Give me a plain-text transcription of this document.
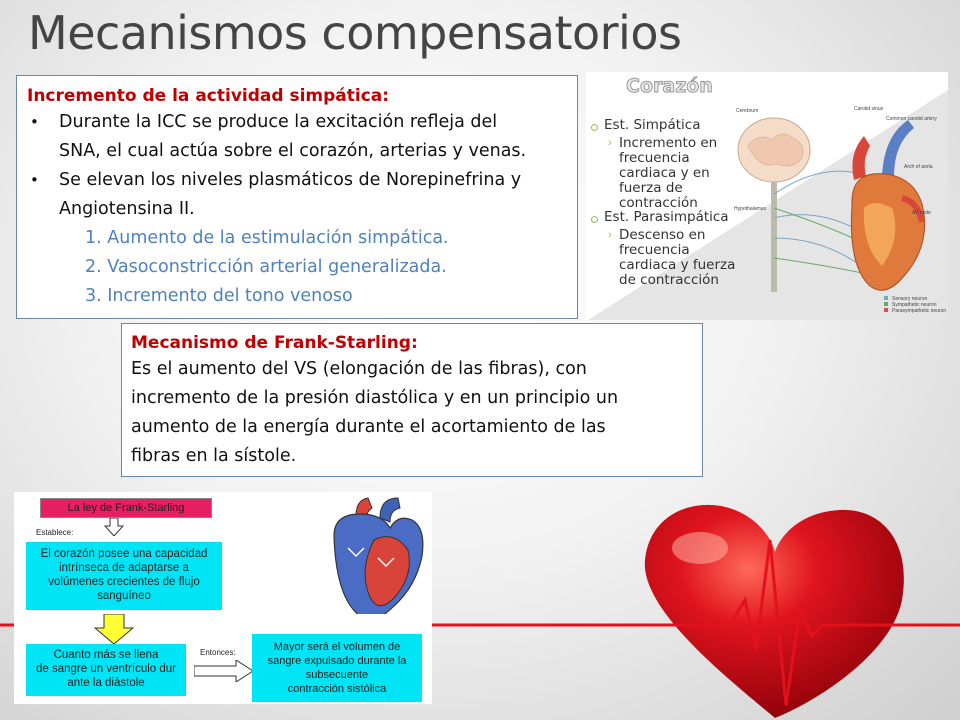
Mecanismos compensatorios
Incremento de la actividad simpática:
• Durante la ICC se produce la excitación refleja del
SNA, el cual actúa sobre el corazón, arterias y venas.
• Se elevan los niveles plasmáticos de Norepinefrina y
Angiotensina II.
1. Aumento de la estimulación simpática.
2. Vasoconstricción arterial generalizada.
3. Incremento del tono venoso
Corazón
Est. Simpática
› Incremento en
frecuencia
cardiaca y en
fuerza de
contracción
Est. Parasimpática
› Descenso en
frecuencia
cardiaca y fuerza
de contracción
Cerebrum	Carotid sinus
Common carotid artery
Arch of aorta
Hypothalamus
AV node
Sensory neuron
Sympathetic neuron
Parasympathetic neuron
Mecanismo de Frank-Starling:

Es el aumento del VS (elongación de las fibras), con

incremento de la presión diastólica y en un principio un

aumento de la energía durante el acortamiento de las

fibras en la sístole.

La ley de Frank-Starling
Establece:
El corazón posee una capacidad
intrínseca de adaptarse a
volúmenes crecientes de flujo
sanguíneo
Cuanto más se llena
de sangre un ventrículo dur
ante la diástole
Entonces:	Mayor será el volumen de
sangre expulsado durante la
subsecuente
contracción sistólica
